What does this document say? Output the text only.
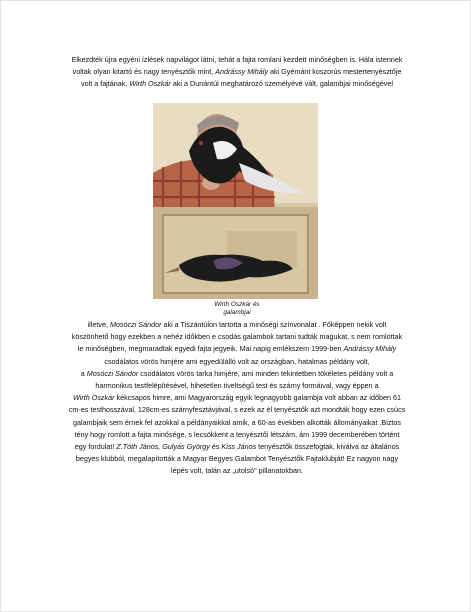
Elkezdték újra egyéni ízlések napvilágot látni, tehát a fajta romlani kezdett minőségben is. Hála istennek
voltak olyan kitartó és nagy tenyésztők mint, Andrássy Mihály aki Gyémánt koszorús mestertenyésztője
volt a fajtának, Wirth Oszkár aki a Dunántúl meghatározó személyévé vált, galambjai minőségével
Wirth Oszkár és
galambjai
illetve, Mosóczi Sándor aki a Tiszántúlon tartotta a minőségi színvonalat . Főképpen nekik volt
köszönhető hogy ezekben a nehéz időkben e csodás galambok tartani tudták magukat, s nem romlottak
le minőségben, megmaradtak egyedi fajta jegyeik. Mai napig emlékszem 1999-ben Andrássy Mihály
csodálatos vörös himjére ami egyedülálló volt az országban, hatalmas példány volt,
a Mosóczi Sándor csodálatos vörös tarka himjére, ami minden tekintetben tökéletes példány volt a
harmonikus testfelépítésével, hihetetlen tiveltségű test és szárny formáival, vagy éppen a
Wirth Oszkár kékcsapos himre, ami Magyarország egyik legnagyobb galambja volt abban az időben 61
cm-es testhosszával, 128cm-es szárnyfesztávjával, s ezek az él tenyésztők azt mondták hogy ezen csúcs
galambjaik sem érnek fel azokkal a példányaikkal amik, a 60-as években alkották állományaikat .Biztos
tény hogy romlott a fajta minősége, s lecsökkent a tenyésztői létszám, ám 1999 decemberében történt
egy fordulat! Z.Tóth János, Gulyás György és Kiss János tenyésztők összefogtak, kiválva az általános
begyes klubból, megalapították a Magyar Begyes Galambot Tenyésztők Fajtaklubját! Ez nagyon nagy
lépés volt, talán az „utolsó" pillanatokban.
